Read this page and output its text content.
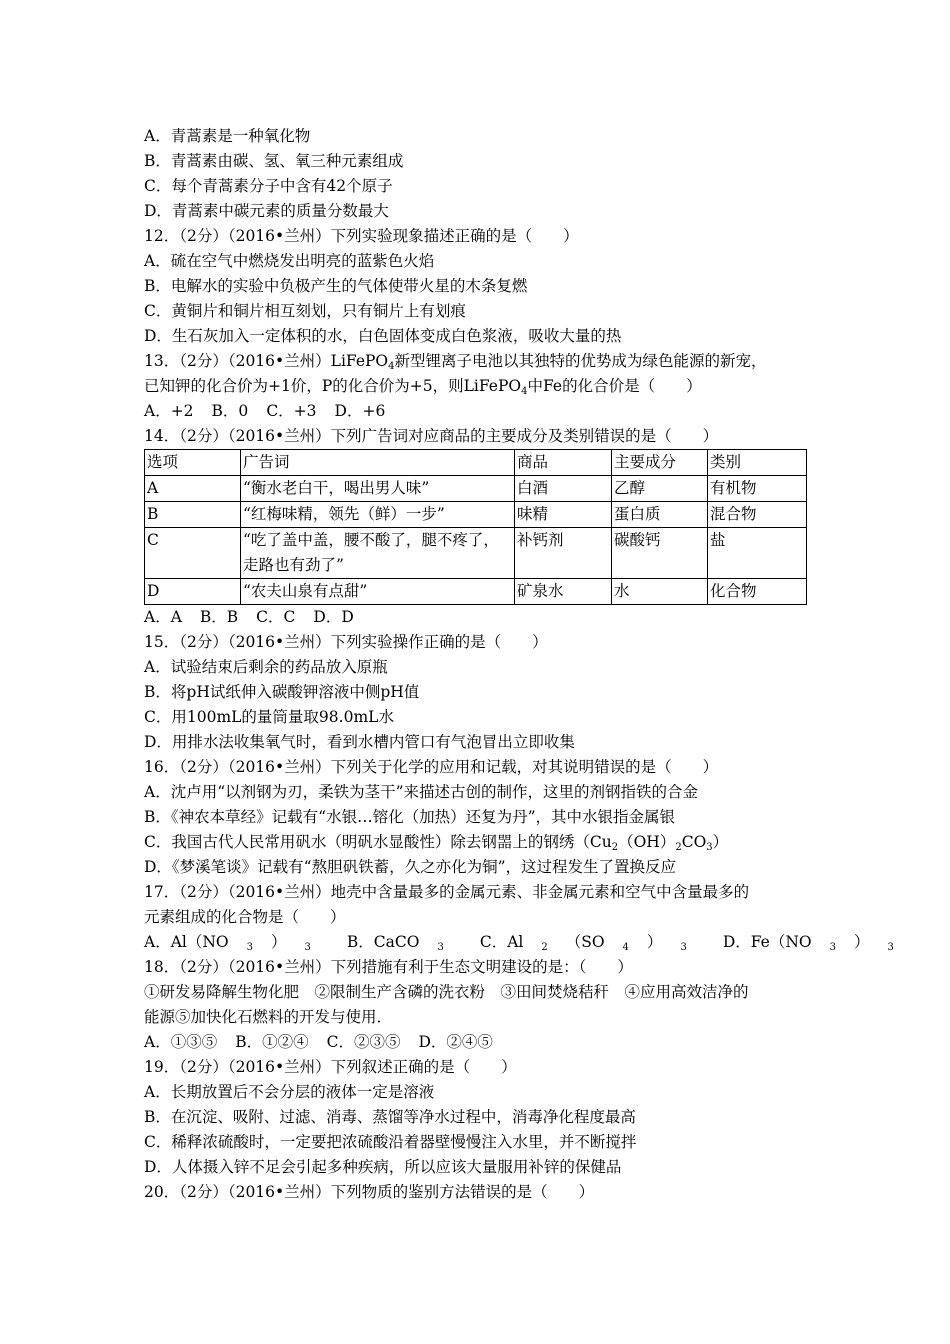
A．青蒿素是一种氧化物
B．青蒿素由碳、氢、氧三种元素组成
C．每个青蒿素分子中含有42个原子
D．青蒿素中碳元素的质量分数最大
12．（2分）（2016•兰州）下列实验现象描述正确的是（　　）
A．硫在空气中燃烧发出明亮的蓝紫色火焰
B．电解水的实验中负极产生的气体使带火星的木条复燃
C．黄铜片和铜片相互刻划，只有铜片上有划痕
D．生石灰加入一定体积的水，白色固体变成白色浆液，吸收大量的热
13．（2分）（2016•兰州）LiFePO$_4$新型锂离子电池以其独特的优势成为绿色能源的新宠，
已知钾的化合价为+1价，P的化合价为+5，则LiFePO$_4$中Fe的化合价是（　　）
A．+2 B．0 C．+3 D．+6
14．（2分）（2016•兰州）下列广告词对应商品的主要成分及类别错误的是（　　）
选项	广告词	商品	主要成分	类别
A	“衡水老白干，喝出男人味”	白酒	乙醇	有机物
B	“红梅味精，领先（鲜）一步”	味精	蛋白质	混合物
C	“吃了盖中盖，腰不酸了，腿不疼了，走路也有劲了”	补钙剂	碳酸钙	盐
D	“农夫山泉有点甜”	矿泉水	水	化合物
A．A B．B C．C D．D
15．（2分）（2016•兰州）下列实验操作正确的是（　　）
A．试验结束后剩余的药品放入原瓶
B．将pH试纸伸入碳酸钾溶液中侧pH值
C．用100mL的量筒量取98.0mL水
D．用排水法收集氧气时，看到水槽内管口有气泡冒出立即收集
16．（2分）（2016•兰州）下列关于化学的应用和记载，对其说明错误的是（　　）
A．沈卢用“以剂钢为刃，柔铁为茎干”来描述古创的制作，这里的剂钢指铁的合金
B．《神农本草经》记载有“水银…镕化（加热）还复为丹”，其中水银指金属银
C．我国古代人民常用矾水（明矾水显酸性）除去钢噐上的钢绣$(Cu_2(OH)_2CO_3)$
D．《梦溪笔谈》记载有“熬胆矾铁蓄，久之亦化为铜”，这过程发生了置换反应
17．（2分）（2016•兰州）地壳中含量最多的金属元素、非金属元素和空气中含量最多的
元素组成的化合物是（　　）
A．Al（NO 3 ） 3 B．CaCO 3 C．Al 2 （SO 4 ） 3 D．Fe（NO 3 ） 3
18．（2分）（2016•兰州）下列措施有利于生态文明建设的是：（　　）
①研发易降解生物化肥　②限制生产含磷的洗衣粉　③田间焚烧秸秆　④应用高效洁净的
能源⑤加快化石燃料的开发与使用．
A．①③⑤ B．①②④ C．②③⑤ D．②④⑤
19．（2分）（2016•兰州）下列叙述正确的是（　　）
A．长期放置后不会分层的液体一定是溶液
B．在沉淀、吸附、过滤、消毒、蒸馏等净水过程中，消毒净化程度最高
C．稀释浓硫酸时，一定要把浓硫酸沿着器壁慢慢注入水里，并不断搅拌
D．人体摄入锌不足会引起多种疾病，所以应该大量服用补锌的保健品
20．（2分）（2016•兰州）下列物质的鉴别方法错误的是（　　）
